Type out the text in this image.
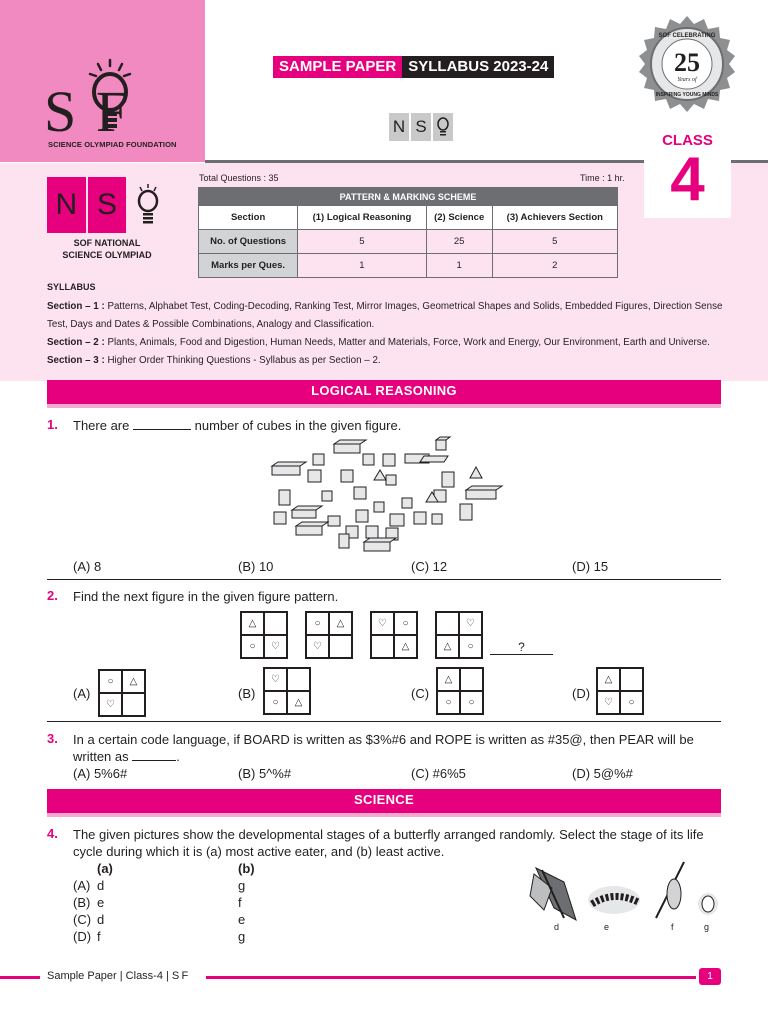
S F
SCIENCE OLYMPIAD FOUNDATION
SAMPLE PAPER SYLLABUS 2023-24
N S
25
Years of
SOF CELEBRATING
INSPIRING YOUNG MINDS
CLASS
4
N S
SOF NATIONAL
SCIENCE OLYMPIAD
Total Questions : 35	Time : 1 hr.
PATTERN & MARKING SCHEME			
Section	(1) Logical Reasoning	(2) Science	(3) Achievers Section
No. of Questions	5	25	5
Marks per Ques.	1	1	2
SYLLABUS
Section – 1 : Patterns, Alphabet Test, Coding-Decoding, Ranking Test, Mirror Images, Geometrical Shapes and Solids, Embedded Figures, Direction Sense Test, Days and Dates & Possible Combinations, Analogy and Classification.
Section – 2 : Plants, Animals, Food and Digestion, Human Needs, Matter and Materials, Force, Work and Energy, Our Environment, Earth and Universe.
Section – 3 : Higher Order Thinking Questions - Syllabus as per Section – 2.
LOGICAL REASONING
1. There are	number of cubes in the given figure.
(A) 8	(B) 10	(C) 12	(D) 15
2. Find the next figure in the given figure pattern.
△
○	♡
○	△
♡
♡	○
△
♡
△	○	?
(A)
○	△
♡
(B)
♡
○	△
(C)
△
○	○
(D)
△
♡	○
3. In a certain code language, if BOARD is written as $3%#6 and ROPE is written as #35@, then PEAR will be
written as	.
(A) 5%6#	(B) 5^%#	(C) #6%5	(D) 5@%#
SCIENCE
4. The given pictures show the developmental stages of a butterfly arranged randomly. Select the stage of its life
cycle during which it is (a) most active eater, and (b) least active.
(a)	(b)
(A) d	g
(B) e	f
(C) d	e
(D) f	g
d	e	f	g
Sample Paper | Class-4 | S F	1
